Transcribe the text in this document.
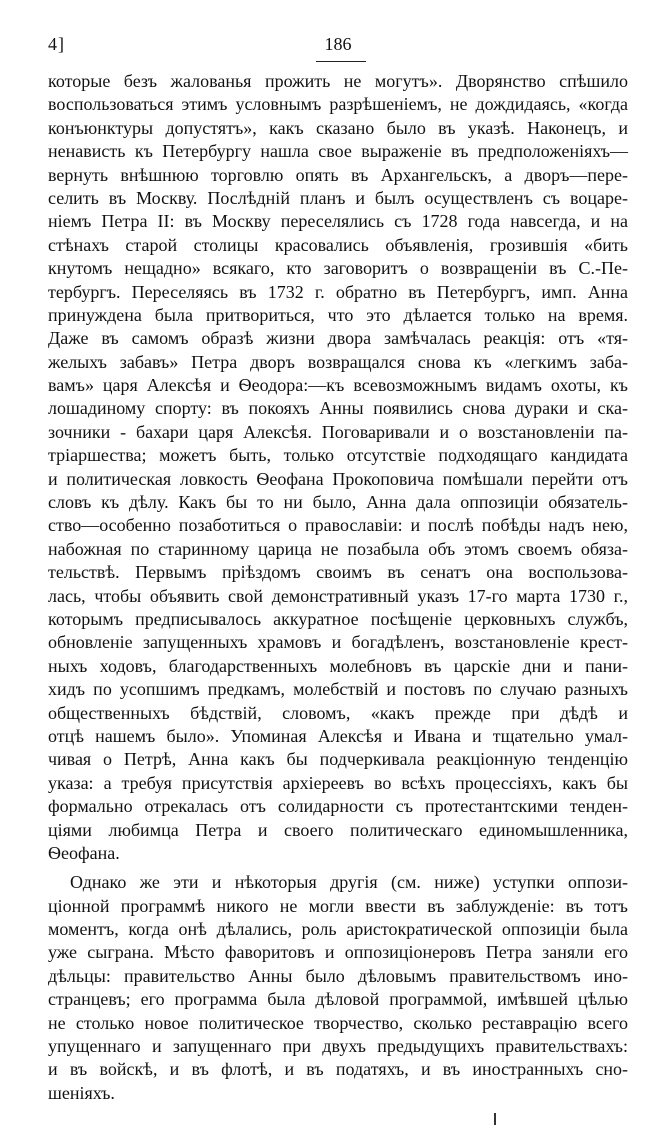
4]	186
которые безъ жалованья прожить не могутъ». Дворянство спѣшило
воспользоваться этимъ условнымъ разрѣшеніемъ, не дождидаясь, «когда
конъюнктуры допустятъ», какъ сказано было въ указѣ. Наконецъ, и
ненависть къ Петербургу нашла свое выраженіе въ предположеніяхъ—
вернуть внѣшнюю торговлю опять въ Архангельскъ, а дворъ—пере-
селить въ Москву. Послѣдній планъ и былъ осуществленъ съ воцаре-
ніемъ Петра II: въ Москву переселялись съ 1728 года навсегда, и на
стѣнахъ старой столицы красовались объявленія, грозившія «бить
кнутомъ нещадно» всякаго, кто заговоритъ о возвращеніи въ С.-Пе-
тербургъ. Переселяясь въ 1732 г. обратно въ Петербургъ, имп. Анна
принуждена была притвориться, что это дѣлается только на время.
Даже въ самомъ образѣ жизни двора замѣчалась реакція: отъ «тя-
желыхъ забавъ» Петра дворъ возвращался снова къ «легкимъ заба-
вамъ» царя Алексѣя и Ѳеодора:—къ всевозможнымъ видамъ охоты, къ
лошадиному спорту: въ покояхъ Анны появились снова дураки и ска-
зочники - бахари царя Алексѣя. Поговаривали и о возстановленіи па-
тріаршества; можетъ быть, только отсутствіе подходящаго кандидата
и политическая ловкость Ѳеофана Прокоповича помѣшали перейти отъ
словъ къ дѣлу. Какъ бы то ни было, Анна дала оппозиціи обязатель-
ство—особенно позаботиться о православіи: и послѣ побѣды надъ нею,
набожная по старинному царица не позабыла объ этомъ своемъ обяза-
тельствѣ. Первымъ пріѣздомъ своимъ въ сенатъ она воспользова-
лась, чтобы объявить свой демонстративный указъ 17-го марта 1730 г.,
которымъ предписывалось аккуратное посѣщеніе церковныхъ службъ,
обновленіе запущенныхъ храмовъ и богадѣленъ, возстановленіе крест-
ныхъ ходовъ, благодарственныхъ молебновъ въ царскіе дни и пани-
хидъ по усопшимъ предкамъ, молебствій и постовъ по случаю разныхъ
общественныхъ бѣдствій, словомъ, «какъ прежде при дѣдѣ и
отцѣ нашемъ было». Упоминая Алексѣя и Ивана и тщательно умал-
чивая о Петрѣ, Анна какъ бы подчеркивала реакціонную тенденцію
указа: а требуя присутствія архіереевъ во всѣхъ процессіяхъ, какъ бы
формально отрекалась отъ солидарности съ протестантскими тенден-
ціями любимца Петра и своего политическаго единомышленника,
Ѳеофана.
Однако же эти и нѣкоторыя другія (см. ниже) уступки оппози-
ціонной программѣ никого не могли ввести въ заблужденіе: въ тотъ
моментъ, когда онѣ дѣлались, роль аристократической оппозиціи была
уже сыграна. Мѣсто фаворитовъ и оппозиціонеровъ Петра заняли его
дѣльцы: правительство Анны было дѣловымъ правительствомъ ино-
странцевъ; его программа была дѣловой программой, имѣвшей цѣлью
не столько новое политическое творчество, сколько реставрацію всего
упущеннаго и запущеннаго при двухъ предыдущихъ правительствахъ:
и въ войскѣ, и въ флотѣ, и въ податяхъ, и въ иностранныхъ сно-
шеніяхъ.
